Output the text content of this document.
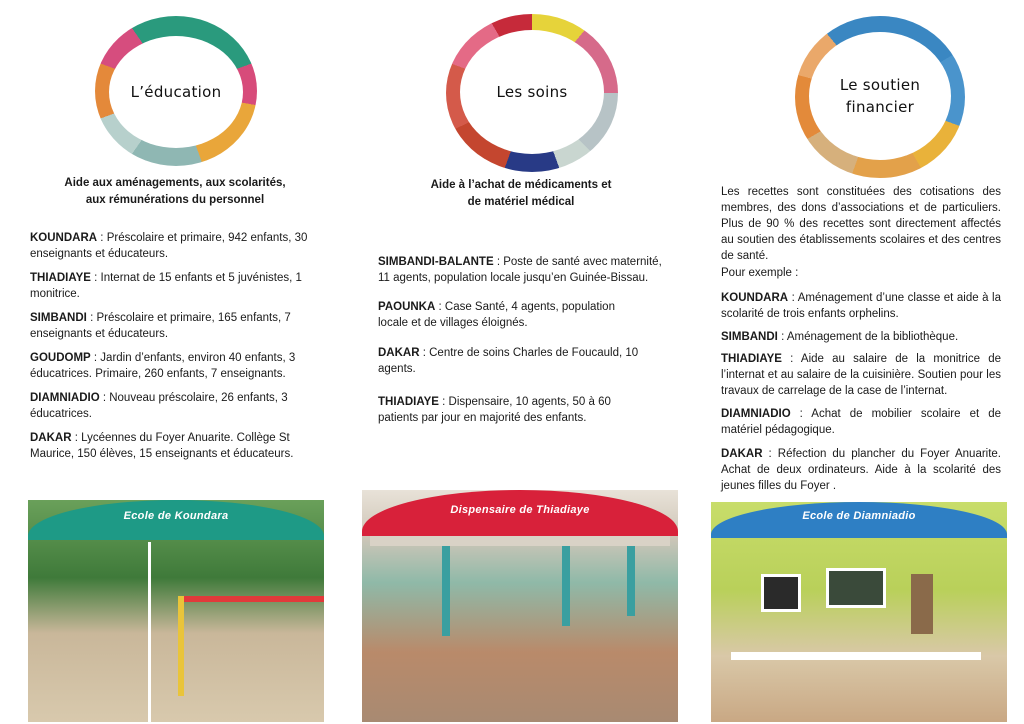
L’éducation
Aide aux aménagements, aux scolarités,
aux rémunérations du personnel
KOUNDARA : Préscolaire et primaire, 942 enfants, 30 enseignants et éducateurs.
THIADIAYE : Internat de 15 enfants et 5 juvénistes, 1 monitrice.
SIMBANDI : Préscolaire et primaire, 165 enfants, 7 enseignants et éducateurs.
GOUDOMP : Jardin d’enfants, environ 40 enfants, 3 éducatrices. Primaire, 260 enfants, 7 enseignants.
DIAMNIADIO : Nouveau préscolaire, 26 enfants, 3 éducatrices.
DAKAR : Lycéennes du Foyer Anuarite. Collège St Maurice, 150 élèves, 15 enseignants et éducateurs.
Ecole de Koundara
Les soins
Aide à l’achat de médicaments et
de matériel médical
SIMBANDI-BALANTE : Poste de santé avec maternité, 11 agents, population locale jusqu’en Guinée-Bissau.
PAOUNKA : Case Santé, 4 agents, population locale et de villages éloignés.
DAKAR : Centre de soins Charles de Foucauld, 10 agents.
THIADIAYE : Dispensaire, 10 agents, 50 à 60 patients par jour en majorité des enfants.
Dispensaire de Thiadiaye
Le soutien
financier
Les recettes sont constituées des cotisations des membres, des dons d’associations et de particuliers. Plus de 90 % des recettes sont directement affectés au soutien des établissements scolaires et des centres de santé.
Pour exemple :
KOUNDARA : Aménagement d’une classe et aide à la scolarité de trois enfants orphelins.
SIMBANDI : Aménagement de la bibliothèque.
THIADIAYE : Aide au salaire de la monitrice de l’internat et au salaire de la cuisinière. Soutien pour les travaux de carrelage de la case de l’internat.
DIAMNIADIO : Achat de mobilier scolaire et de matériel pédagogique.
DAKAR : Réfection du plancher du Foyer Anuarite. Achat de deux ordinateurs. Aide à la scolarité des jeunes filles du Foyer .
Ecole de Diamniadio
